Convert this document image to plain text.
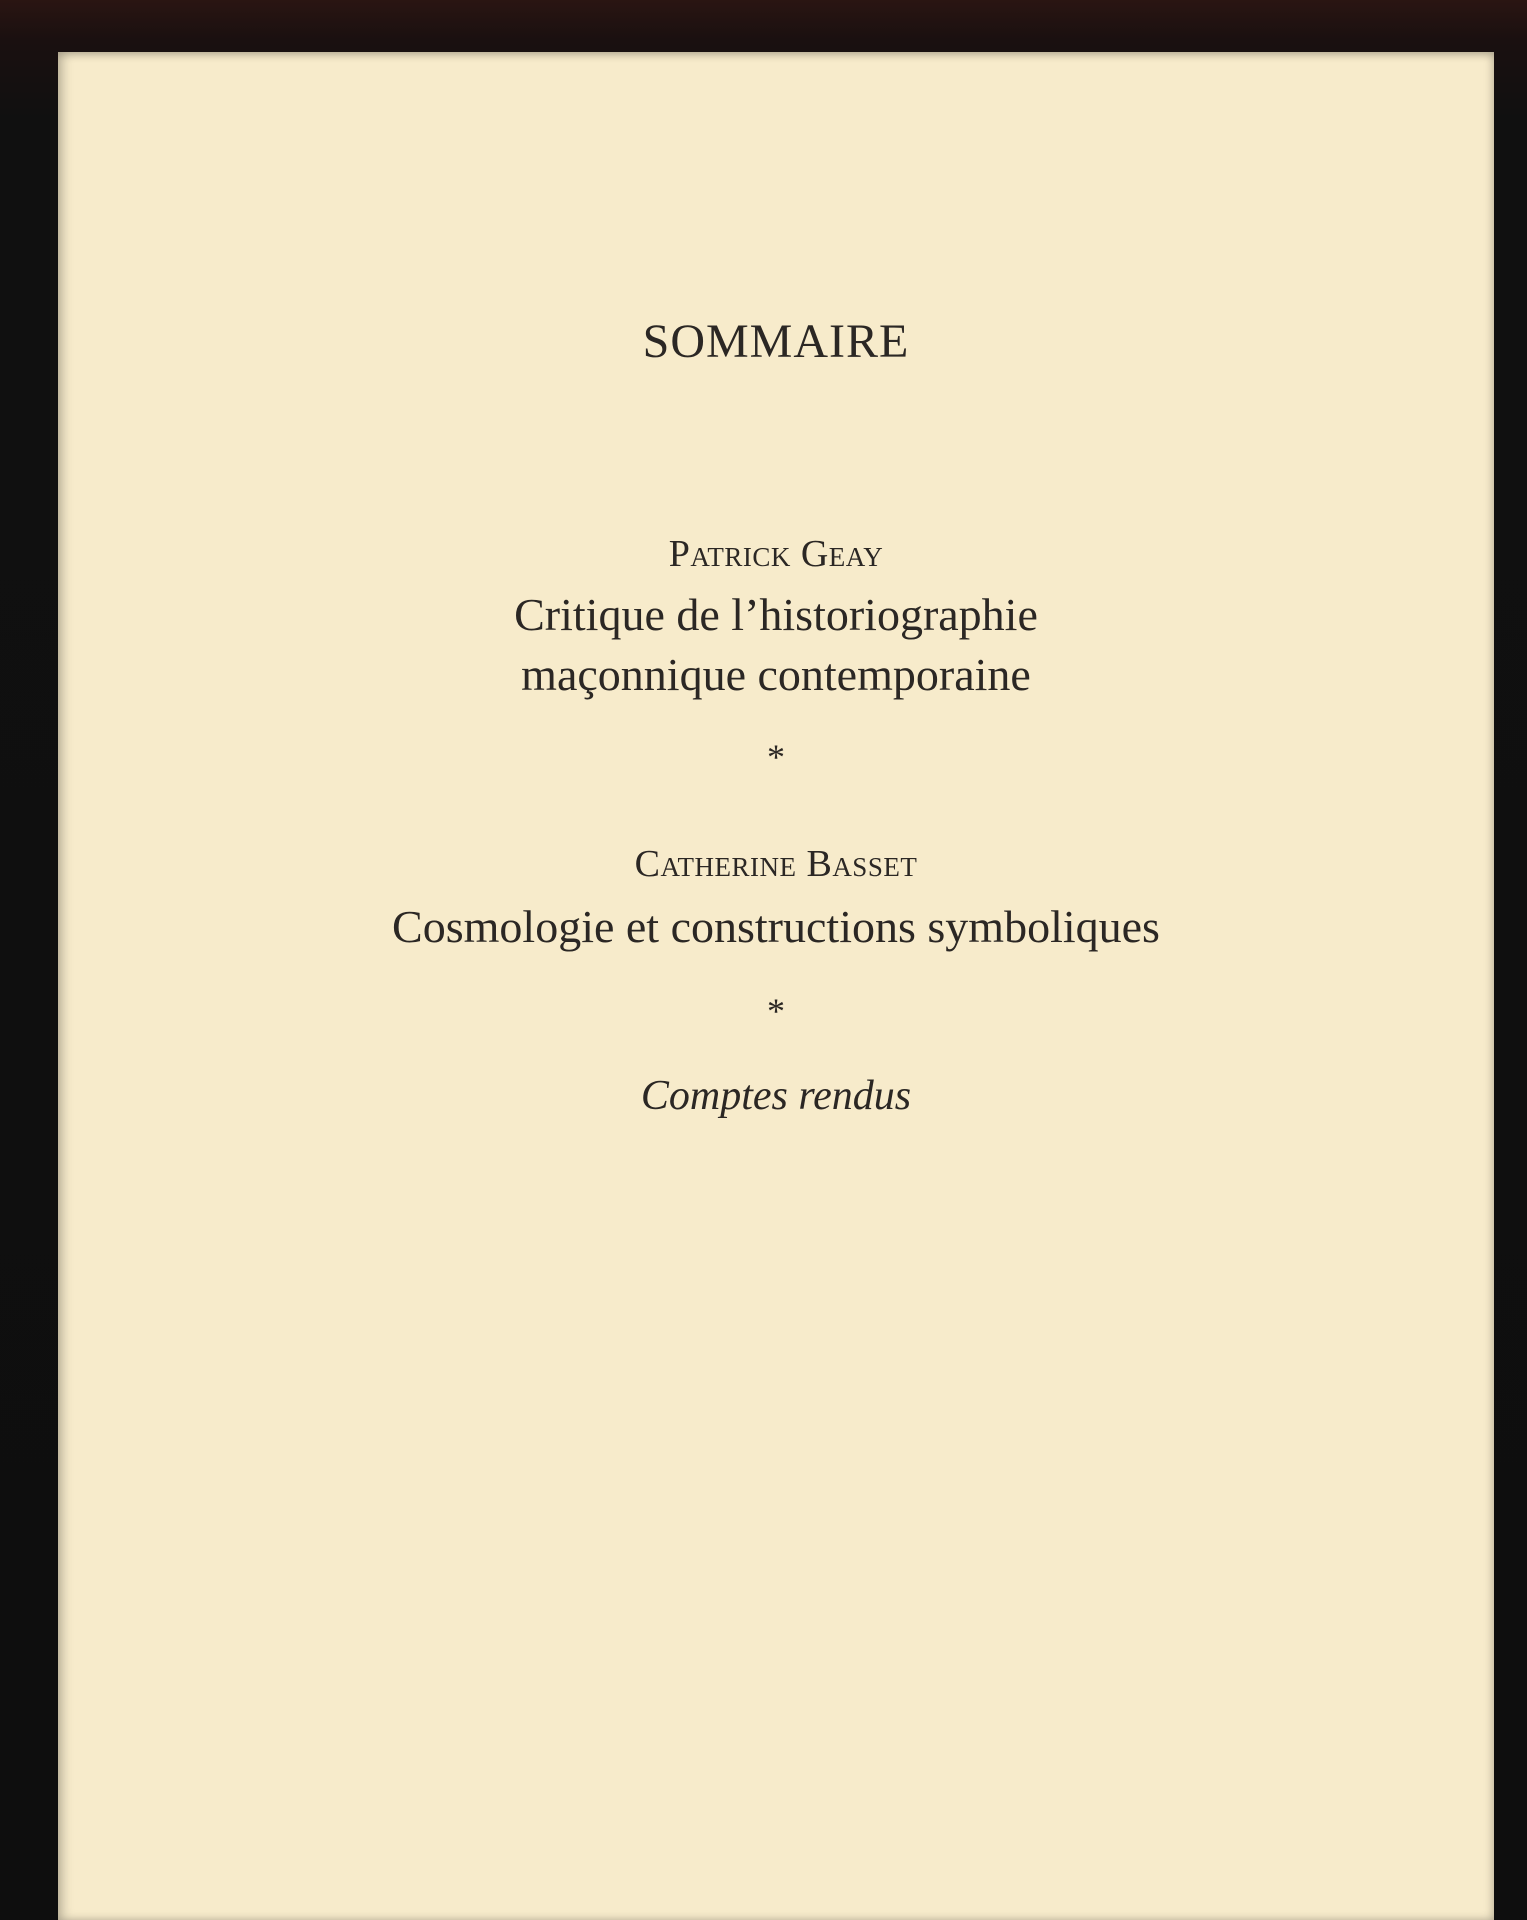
SOMMAIRE
Patrick Geay
Critique de l’historiographie
maçonnique contemporaine
*
Catherine Basset
Cosmologie et constructions symboliques
*
Comptes rendus
